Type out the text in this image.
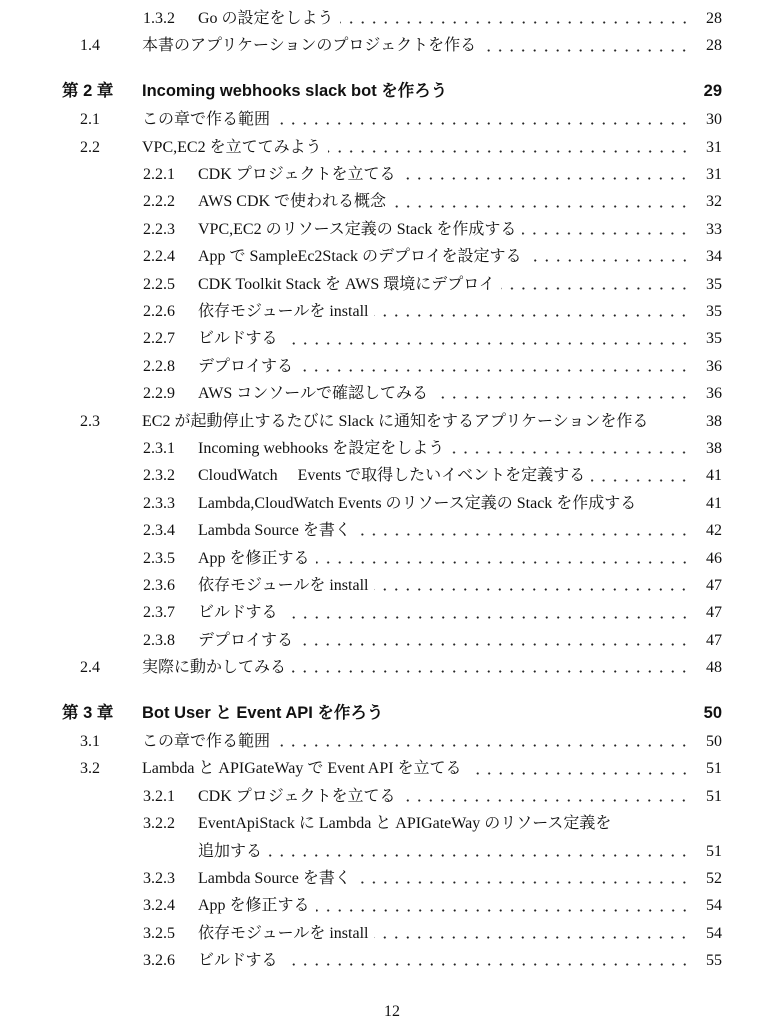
1.3.2 Go の設定をしよう	28
1.4	本書のアプリケーションのプロジェクトを作る	28
第 2 章 Incoming webhooks slack bot を作ろう	29
2.1	この章で作る範囲	30
2.2	VPC,EC2 を立ててみよう	31
2.2.1 CDK プロジェクトを立てる	31
2.2.2 AWS CDK で使われる概念	32
2.2.3 VPC,EC2 のリソース定義の Stack を作成する	33
2.2.4 App で SampleEc2Stack のデプロイを設定する	34
2.2.5 CDK Toolkit Stack を AWS 環境にデプロイ	35
2.2.6 依存モジュールを install	35
2.2.7 ビルドする	35
2.2.8 デプロイする	36
2.2.9 AWS コンソールで確認してみる	36
2.3	EC2 が起動停止するたびに Slack に通知をするアプリケーションを作る	38
2.3.1 Incoming webhooks を設定をしよう	38
2.3.2 CloudWatch　 Events で取得したいイベントを定義する	41
2.3.3 Lambda,CloudWatch Events のリソース定義の Stack を作成する	41
2.3.4 Lambda Source を書く	42
2.3.5 App を修正する	46
2.3.6 依存モジュールを install	47
2.3.7 ビルドする	47
2.3.8 デプロイする	47
2.4	実際に動かしてみる	48
第 3 章 Bot User と Event API を作ろう	50
3.1	この章で作る範囲	50
3.2	Lambda と APIGateWay で Event API を立てる	51
3.2.1 CDK プロジェクトを立てる	51
3.2.2 EventApiStack に Lambda と APIGateWay のリソース定義を
追加する	51
3.2.3 Lambda Source を書く	52
3.2.4 App を修正する	54
3.2.5 依存モジュールを install	54
3.2.6 ビルドする	55
12
